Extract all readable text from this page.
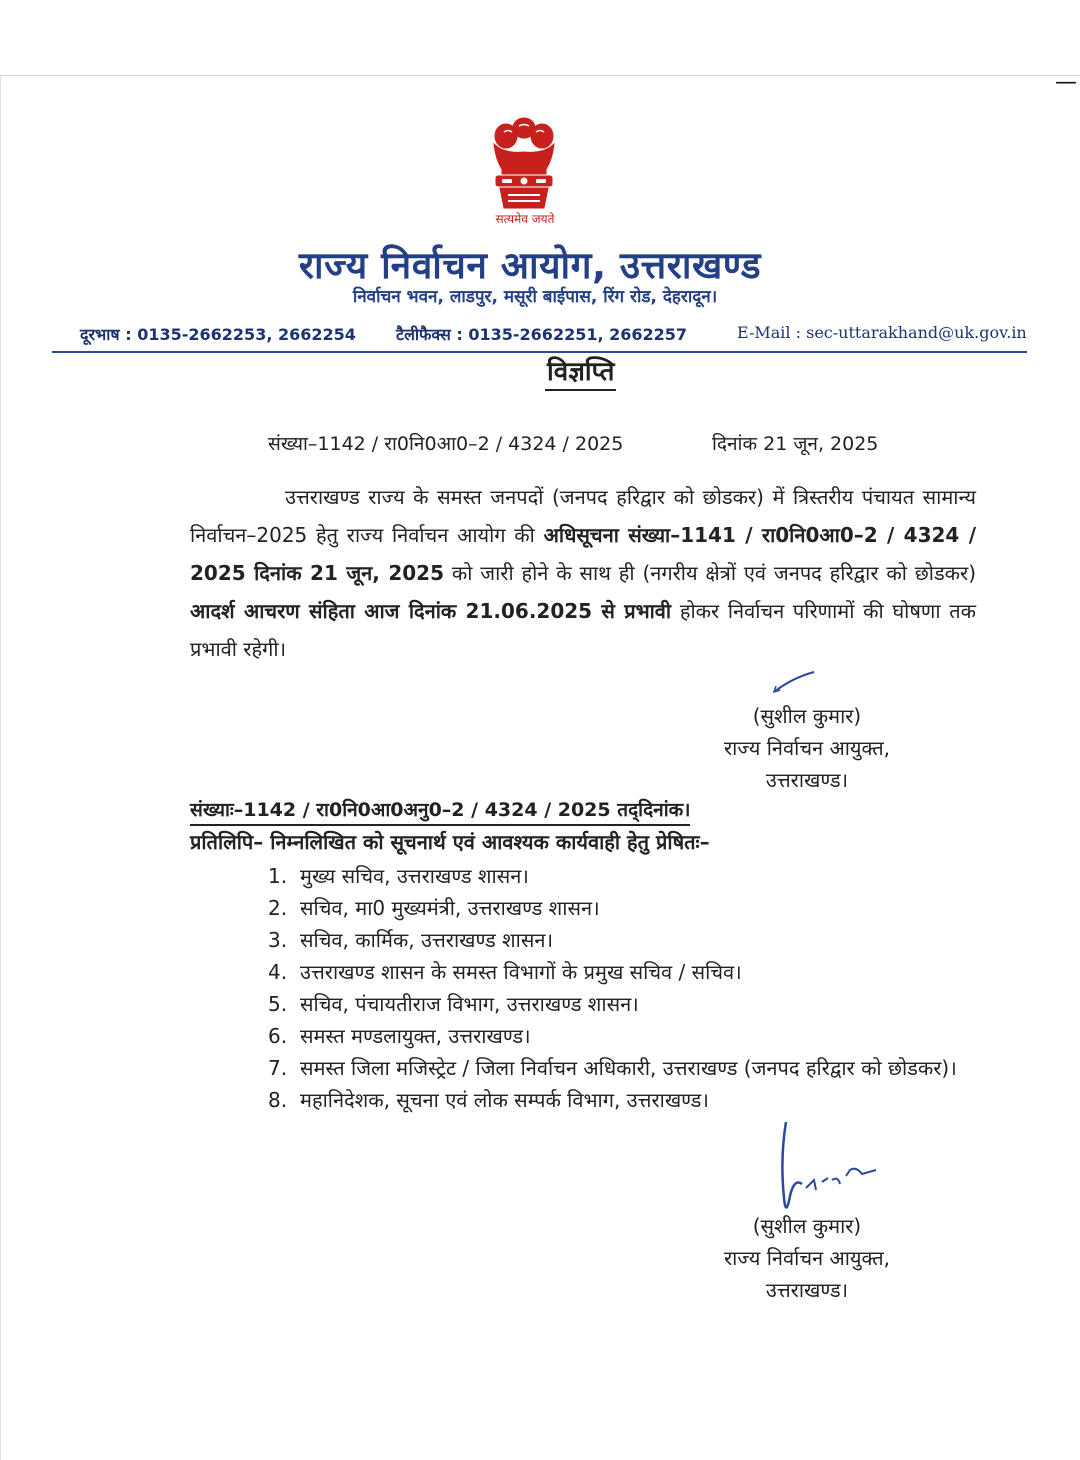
—
सत्यमेव जयते
राज्य निर्वाचन आयोग, उत्तराखण्ड
निर्वाचन भवन, लाडपुर, मसूरी बाईपास, रिंग रोड, देहरादून।
दूरभाष : 0135-2662253, 2662254	टैलीफैक्स : 0135-2662251, 2662257	E-Mail : sec-uttarakhand@uk.gov.in
विज्ञप्ति
संख्या–1142 / रा0नि0आ0–2 / 4324 / 2025	दिनांक 21 जून, 2025
उत्तराखण्ड राज्य के समस्त जनपदों (जनपद हरिद्वार को छोडकर) में त्रिस्तरीय पंचायत सामान्य निर्वाचन–2025 हेतु राज्य निर्वाचन आयोग की अधिसूचना संख्या–1141 / रा0नि0आ0–2 / 4324 / 2025 दिनांक 21 जून, 2025 को जारी होने के साथ ही (नगरीय क्षेत्रों एवं जनपद हरिद्वार को छोडकर) आदर्श आचरण संहिता आज दिनांक 21.06.2025 से प्रभावी होकर निर्वाचन परिणामों की घोषणा तक प्रभावी रहेगी।
(सुशील कुमार)
राज्य निर्वाचन आयुक्त,
उत्तराखण्ड।
संख्याः–1142 / रा0नि0आ0अनु0–2 / 4324 / 2025 तद्‌दिनांक।
प्रतिलिपि– निम्नलिखित को सूचनार्थ एवं आवश्यक कार्यवाही हेतु प्रेषितः–
1. मुख्य सचिव, उत्तराखण्ड शासन।
2. सचिव, मा0 मुख्यमंत्री, उत्तराखण्ड शासन।
3. सचिव, कार्मिक, उत्तराखण्ड शासन।
4. उत्तराखण्ड शासन के समस्त विभागों के प्रमुख सचिव / सचिव।
5. सचिव, पंचायतीराज विभाग, उत्तराखण्ड शासन।
6. समस्त मण्डलायुक्त, उत्तराखण्ड।
7. समस्त जिला मजिस्ट्रेट / जिला निर्वाचन अधिकारी, उत्तराखण्ड (जनपद हरिद्वार को छोडकर)।
8. महानिदेशक, सूचना एवं लोक सम्पर्क विभाग, उत्तराखण्ड।
(सुशील कुमार)
राज्य निर्वाचन आयुक्त,
उत्तराखण्ड।
